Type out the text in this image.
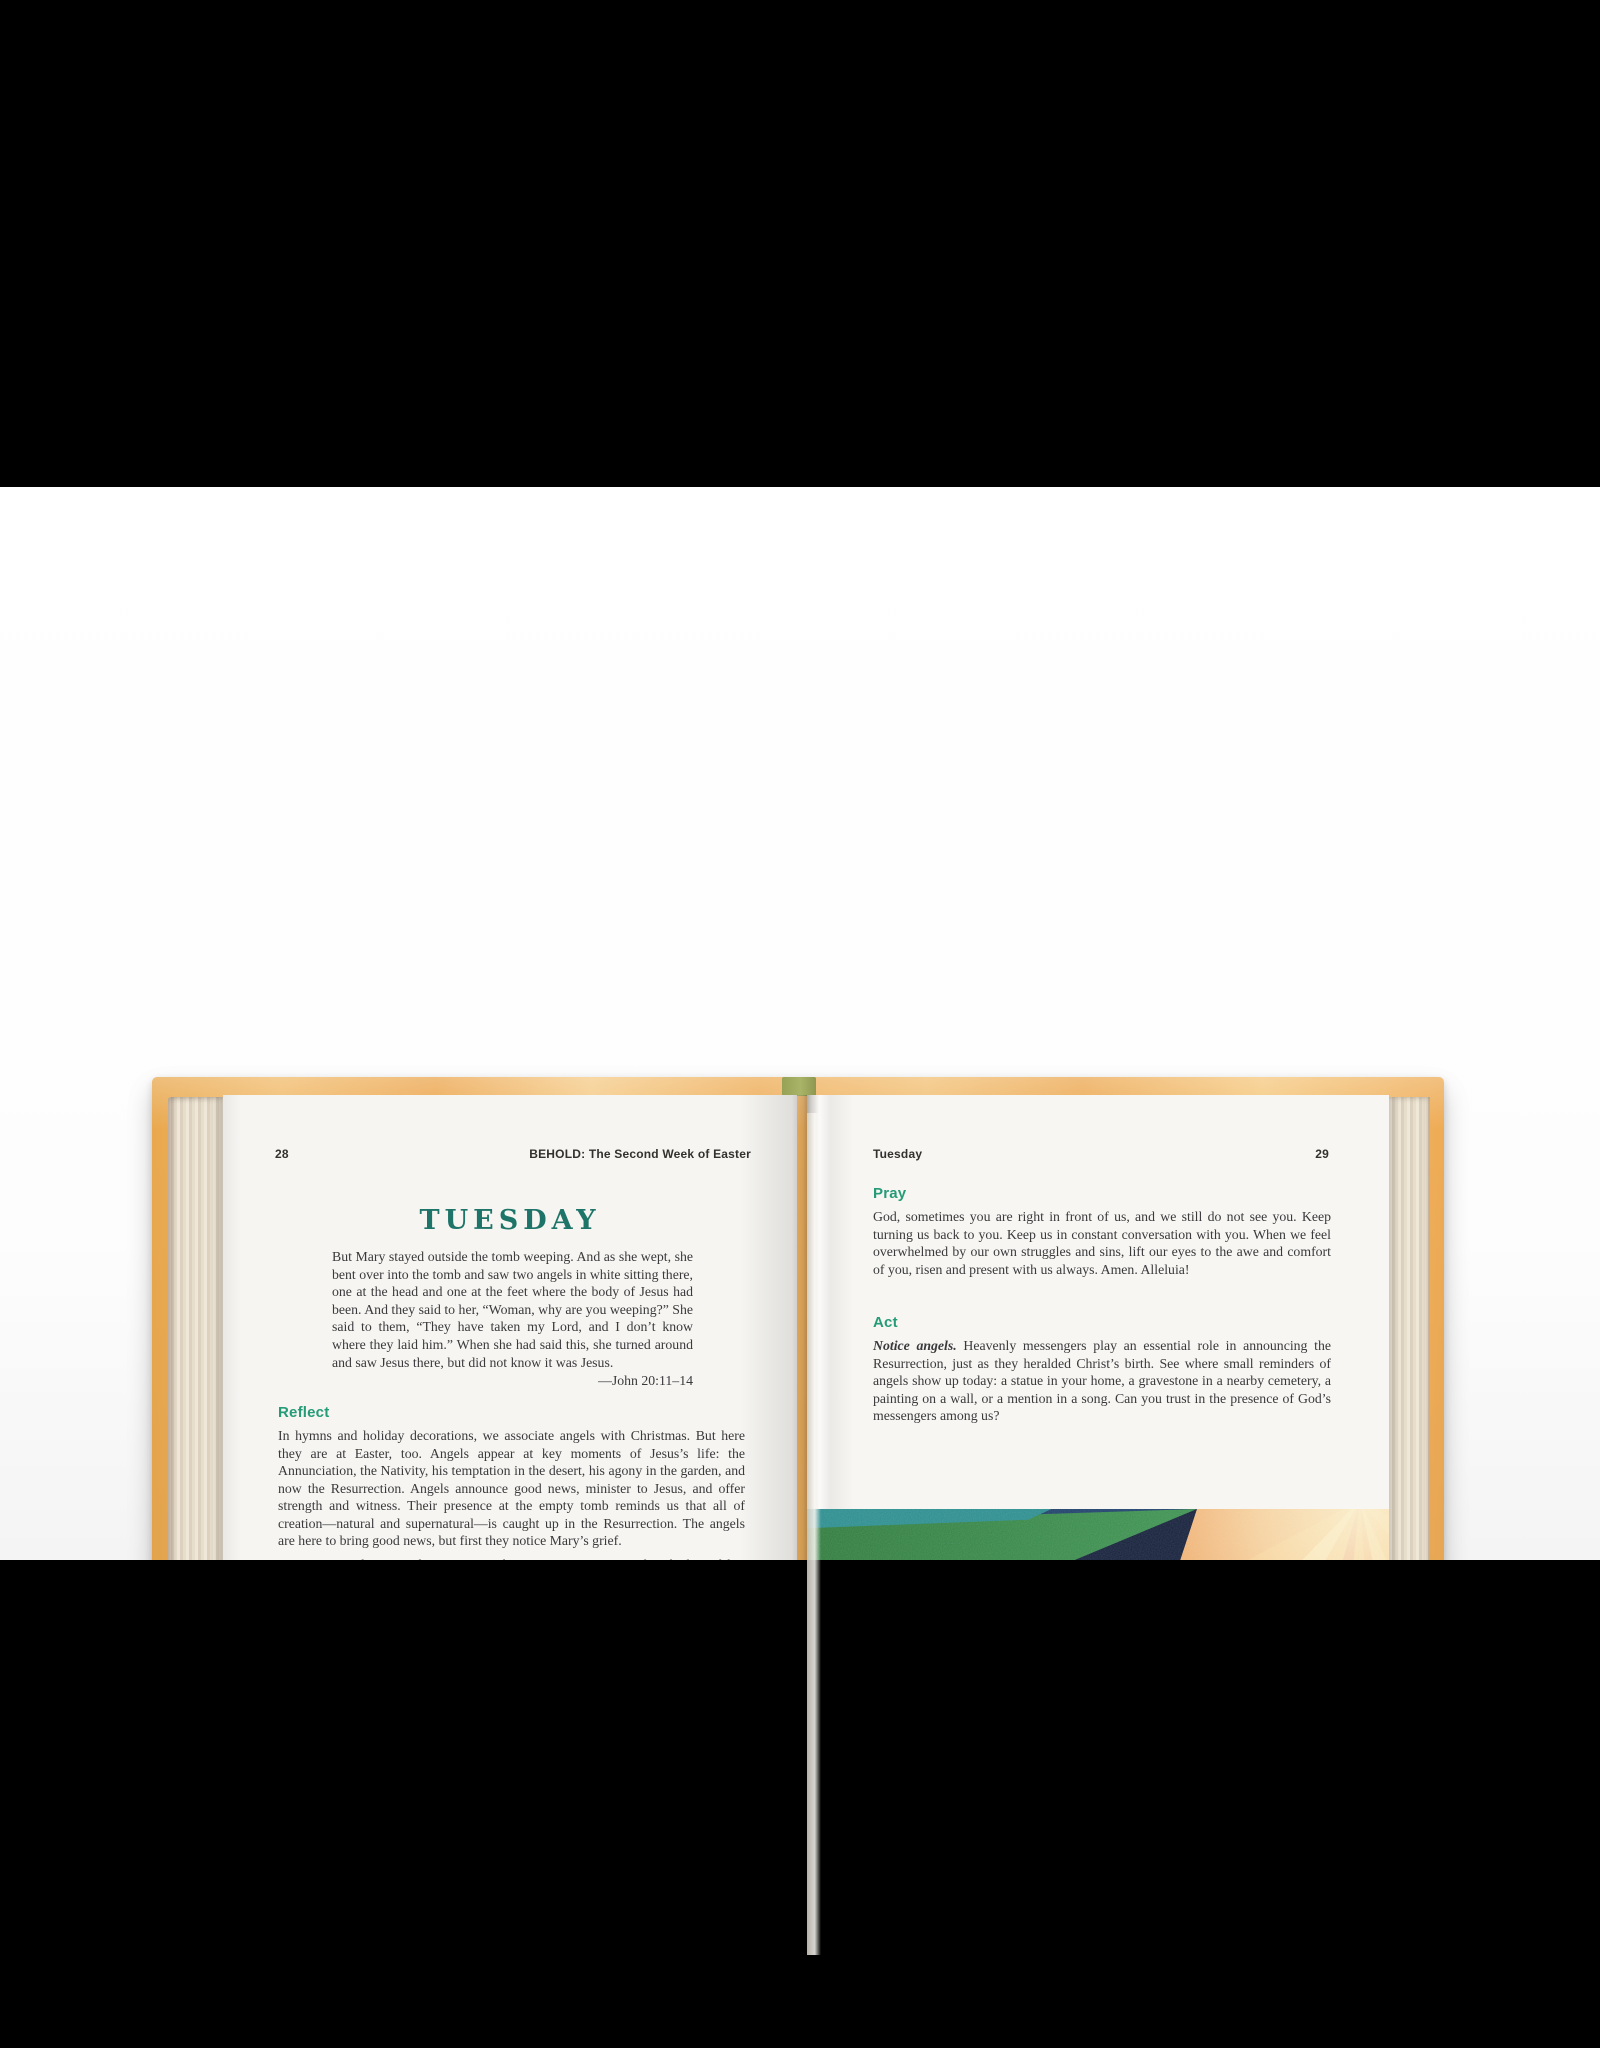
28	BEHOLD: The Second Week of Easter
TUESDAY
But Mary stayed outside the tomb weeping. And as she wept, she bent over into the tomb and saw two angels in white sitting there, one at the head and one at the feet where the body of Jesus had been. And they said to her, “Woman, why are you weeping?” She said to them, “They have taken my Lord, and I don’t know where they laid him.” When she had said this, she turned around and saw Jesus there, but did not know it was Jesus.
—John 20:11–14
Reflect
In hymns and holiday decorations, we associate angels with Christmas. But here they are at Easter, too. Angels appear at key moments of Jesus’s life: the Annunciation, the Nativity, his temptation in the desert, his agony in the garden, and now the Resurrection. Angels announce good news, minister to Jesus, and offer strength and witness. Their presence at the empty tomb reminds us that all of creation—natural and supernatural—is caught up in the Resurrection. The angels are here to bring good news, but first they notice Mary’s grief.
Tuesday	29
Pray
God, sometimes you are right in front of us, and we still do not see you. Keep turning us back to you. Keep us in constant conversation with you. When we feel overwhelmed by our own struggles and sins, lift our eyes to the awe and comfort of you, risen and present with us always. Amen. Alleluia!
Act
Notice angels. Heavenly messengers play an essential role in announcing the Resurrection, just as they heralded Christ’s birth. See where small reminders of angels show up today: a statue in your home, a gravestone in a nearby cemetery, a painting on a wall, or a mention in a song. Can you trust in the presence of God’s messengers among us?
